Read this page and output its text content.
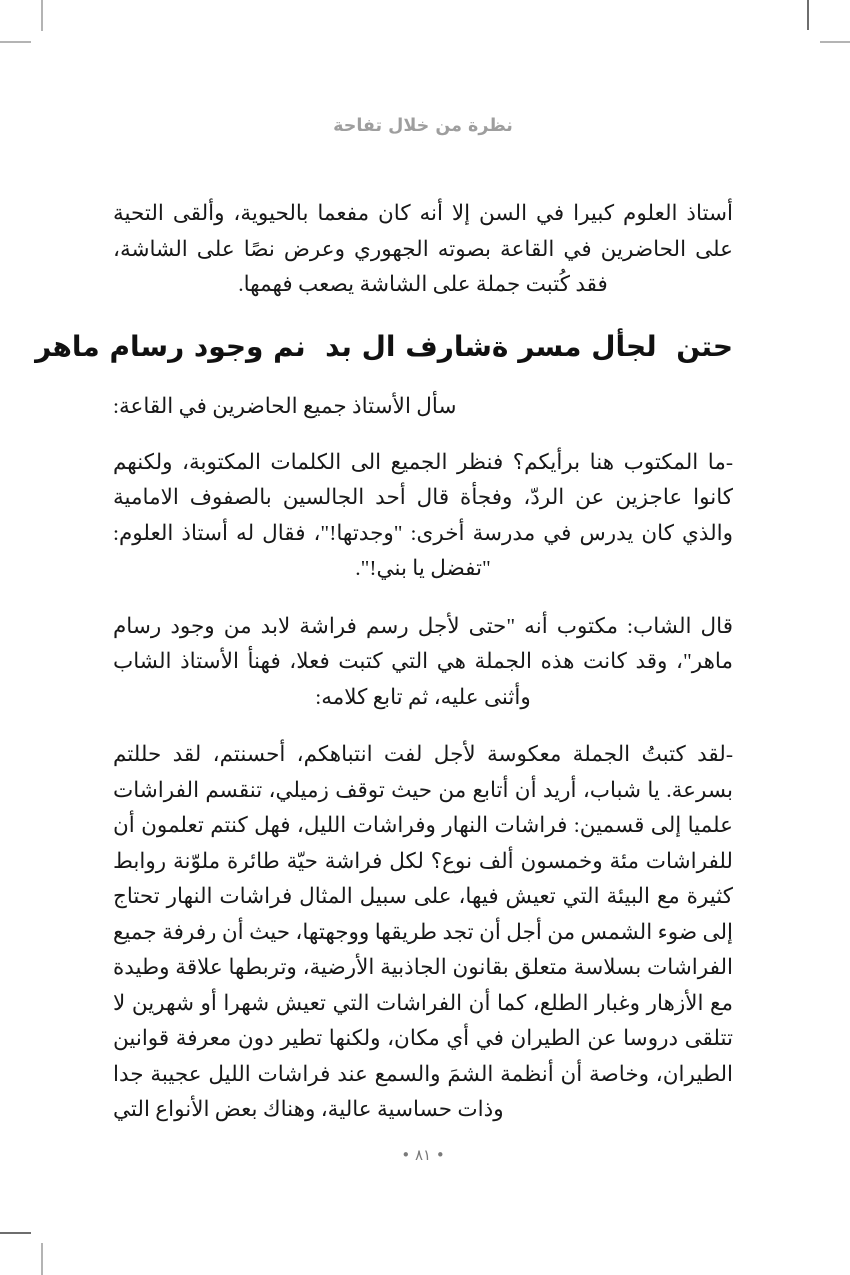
نظرة من خلال تفاحة

أستاذ العلوم كبيرا في السن إلا أنه كان مفعما بالحيوية، وألقى التحية على الحاضرين في القاعة بصوته الجهوري وعرض نصًا على الشاشة، فقد كُتبت جملة على الشاشة يصعب فهمها.

حتن  لجأل مسر ةشارف ال بد  نم وجود رسام ماهر

سأل الأستاذ جميع الحاضرين في القاعة:

-ما المكتوب هنا برأيكم؟ فنظر الجميع الى الكلمات المكتوبة، ولكنهم كانوا عاجزين عن الردّ، وفجأة قال أحد الجالسين بالصفوف الامامية والذي كان يدرس في مدرسة أخرى: "وجدتها!"، فقال له أستاذ العلوم: "تفضل يا بني!".

قال الشاب: مكتوب أنه "حتى لأجل رسم فراشة لابد من وجود رسام ماهر"، وقد كانت هذه الجملة هي التي كتبت فعلا، فهنأ الأستاذ الشاب وأثنى عليه، ثم تابع كلامه:

-لقد كتبتُ الجملة معكوسة لأجل لفت انتباهكم، أحسنتم، لقد حللتم بسرعة. يا شباب، أريد أن أتابع من حيث توقف زميلي، تنقسم الفراشات علميا إلى قسمين: فراشات النهار وفراشات الليل، فهل كنتم تعلمون أن للفراشات مئة وخمسون ألف نوع؟ لكل فراشة حيّة طائرة ملوّنة روابط كثيرة مع البيئة التي تعيش فيها، على سبيل المثال فراشات النهار تحتاج إلى ضوء الشمس من أجل أن تجد طريقها ووجهتها، حيث أن رفرفة جميع الفراشات بسلاسة متعلق بقانون الجاذبية الأرضية، وتربطها علاقة وطيدة مع الأزهار وغبار الطلع، كما أن الفراشات التي تعيش شهرا أو شهرين لا تتلقى دروسا عن الطيران في أي مكان، ولكنها تطير دون معرفة قوانين الطيران، وخاصة أن أنظمة الشمَ والسمع عند فراشات الليل عجيبة جدا وذات حساسية عالية، وهناك بعض الأنواع التي

• ٨١ •
